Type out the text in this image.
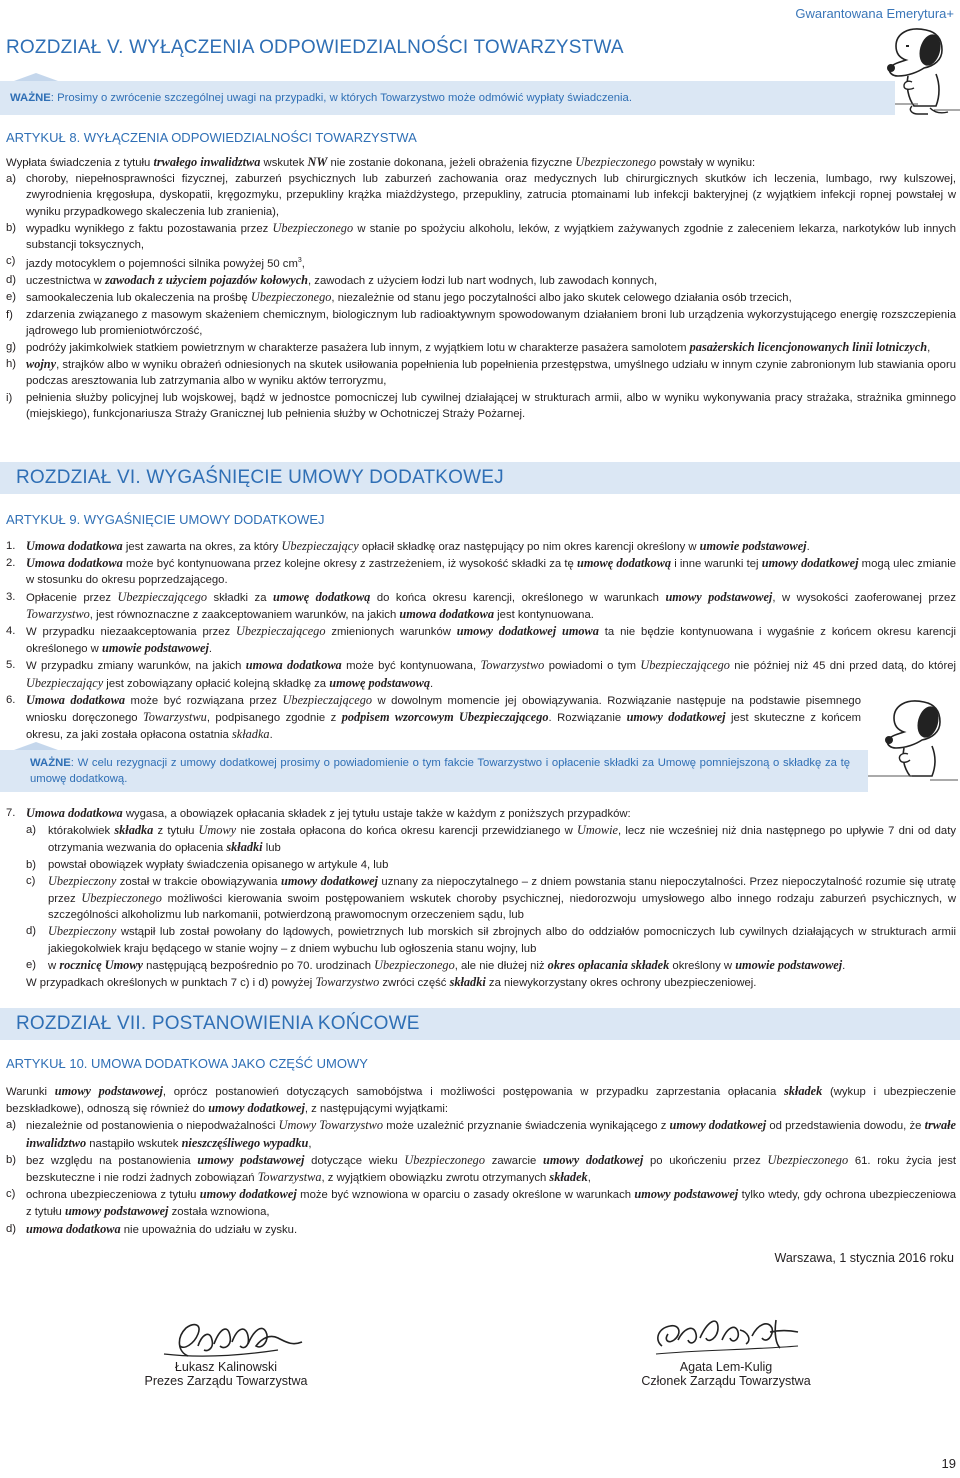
Gwarantowana Emerytura+
ROZDZIAŁ V. WYŁĄCZENIA ODPOWIEDZIALNOŚCI TOWARZYSTWA
WAŻNE: Prosimy o zwrócenie szczególnej uwagi na przypadki, w których Towarzystwo może odmówić wypłaty świadczenia.
ARTYKUŁ 8. WYŁĄCZENIA ODPOWIEDZIALNOŚCI TOWARZYSTWA

Wypłata świadczenia z tytułu trwałego inwalidztwa wskutek NW nie zostanie dokonana, jeżeli obrażenia fizyczne Ubezpieczonego powstały w wyniku:

a) choroby, niepełnosprawności fizycznej, zaburzeń psychicznych lub zaburzeń zachowania oraz medycznych lub chirurgicznych skutków ich leczenia, lumbago, rwy kulszowej, zwyrodnienia kręgosłupa, dyskopatii, kręgozmyku, przepukliny krążka miażdżystego, przepukliny, zatrucia ptomainami lub infekcji bakteryjnej (z wyjątkiem infekcji ropnej powstałej w wyniku przypadkowego skaleczenia lub zranienia),
b) wypadku wynikłego z faktu pozostawania przez Ubezpieczonego w stanie po spożyciu alkoholu, leków, z wyjątkiem zażywanych zgodnie z zaleceniem lekarza, narkotyków lub innych substancji toksycznych,
c) jazdy motocyklem o pojemności silnika powyżej 50 $cm^3$,
d) uczestnictwa w zawodach z użyciem pojazdów kołowych, zawodach z użyciem łodzi lub nart wodnych, lub zawodach konnych,
e) samookaleczenia lub okaleczenia na prośbę Ubezpieczonego, niezależnie od stanu jego poczytalności albo jako skutek celowego działania osób trzecich,
f)	zdarzenia związanego z masowym skażeniem chemicznym, biologicznym lub radioaktywnym spowodowanym działaniem broni lub urządzenia wykorzystującego energię rozszczepienia jądrowego lub promieniotwórczość,
g) podróży jakimkolwiek statkiem powietrznym w charakterze pasażera lub innym, z wyjątkiem lotu w charakterze pasażera samolotem pasażerskich licencjonowanych linii lotniczych,
h) wojny, strajków albo w wyniku obrażeń odniesionych na skutek usiłowania popełnienia lub popełnienia przestępstwa, umyślnego udziału w innym czynie zabronionym lub stawiania oporu podczas aresztowania lub zatrzymania albo w wyniku aktów terroryzmu,
i)	pełnienia służby policyjnej lub wojskowej, bądź w jednostce pomocniczej lub cywilnej działającej w strukturach armii, albo w wyniku wykonywania pracy strażaka, strażnika gminnego (miejskiego), funkcjonariusza Straży Granicznej lub pełnienia służby w Ochotniczej Straży Pożarnej.
ROZDZIAŁ VI. WYGAŚNIĘCIE UMOWY DODATKOWEJ
ARTYKUŁ 9. WYGAŚNIĘCIE UMOWY DODATKOWEJ
1. Umowa dodatkowa jest zawarta na okres, za który Ubezpieczający opłacił składkę oraz następujący po nim okres karencji określony w umowie podstawowej.
2. Umowa dodatkowa może być kontynuowana przez kolejne okresy z zastrzeżeniem, iż wysokość składki za tę umowę dodatkową i inne warunki tej umowy dodatkowej mogą ulec zmianie w stosunku do okresu poprzedzającego.
3. Opłacenie przez Ubezpieczającego składki za umowę dodatkową do końca okresu karencji, określonego w warunkach umowy podstawowej, w wysokości zaoferowanej przez Towarzystwo, jest równoznaczne z zaakceptowaniem warunków, na jakich umowa dodatkowa jest kontynuowana.
4. W przypadku niezaakceptowania przez Ubezpieczającego zmienionych warunków umowy dodatkowej umowa ta nie będzie kontynuowana i wygaśnie z końcem okresu karencji określonego w umowie podstawowej.
5. W przypadku zmiany warunków, na jakich umowa dodatkowa może być kontynuowana, Towarzystwo powiadomi o tym Ubezpieczającego nie później niż 45 dni przed datą, do której Ubezpieczający jest zobowiązany opłacić kolejną składkę za umowę podstawową.
6. Umowa dodatkowa może być rozwiązana przez Ubezpieczającego w dowolnym momencie jej obowiązywania. Rozwiązanie następuje na podstawie pisemnego wniosku doręczonego Towarzystwu, podpisanego zgodnie z podpisem wzorcowym Ubezpieczającego. Rozwiązanie umowy dodatkowej jest skuteczne z końcem okresu, za jaki została opłacona ostatnia składka.
WAŻNE: W celu rezygnacji z umowy dodatkowej prosimy o powiadomienie o tym fakcie Towarzystwo i opłacenie składki za Umowę pomniejszoną o składkę za tę umowę dodatkową.
7. Umowa dodatkowa wygasa, a obowiązek opłacania składek z jej tytułu ustaje także w każdym z poniższych przypadków:
a)	którakolwiek składka z tytułu Umowy nie została opłacona do końca okresu karencji przewidzianego w Umowie, lecz nie wcześniej niż dnia następnego po upływie 7 dni od daty otrzymania wezwania do opłacenia składki lub
b)	powstał obowiązek wypłaty świadczenia opisanego w artykule 4, lub
c)	Ubezpieczony został w trakcie obowiązywania umowy dodatkowej uznany za niepoczytalnego – z dniem powstania stanu niepoczytalności. Przez niepoczytalność rozumie się utratę przez Ubezpieczonego możliwości kierowania swoim postępowaniem wskutek choroby psychicznej, niedorozwoju umysłowego albo innego rodzaju zaburzeń psychicznych, w szczególności alkoholizmu lub narkomanii, potwierdzoną prawomocnym orzeczeniem sądu, lub
d) Ubezpieczony wstąpił lub został powołany do lądowych, powietrznych lub morskich sił zbrojnych albo do oddziałów pomocniczych lub cywilnych działających w strukturach armii jakiegokolwiek kraju będącego w stanie wojny – z dniem wybuchu lub ogłoszenia stanu wojny, lub
e)	w rocznicę Umowy następującą bezpośrednio po 70. urodzinach Ubezpieczonego, ale nie dłużej niż okres opłacania składek określony w umowie podstawowej.

W przypadkach określonych w punktach 7 c) i d) powyżej Towarzystwo zwróci część składki za niewykorzystany okres ochrony ubezpieczeniowej.

ROZDZIAŁ VII. POSTANOWIENIA KOŃCOWE
ARTYKUŁ 10. UMOWA DODATKOWA JAKO CZĘŚĆ UMOWY

Warunki umowy podstawowej, oprócz postanowień dotyczących samobójstwa i możliwości postępowania w przypadku zaprzestania opłacania składek (wykup i ubezpieczenie bezskładkowe), odnoszą się również do umowy dodatkowej, z następującymi wyjątkami:

a) niezależnie od postanowienia o niepodważalności Umowy Towarzystwo może uzależnić przyznanie świadczenia wynikającego z umowy dodatkowej od przedstawienia dowodu, że trwałe inwalidztwo nastąpiło wskutek nieszczęśliwego wypadku,
b) bez względu na postanowienia umowy podstawowej dotyczące wieku Ubezpieczonego zawarcie umowy dodatkowej po ukończeniu przez Ubezpieczonego 61. roku życia jest bezskuteczne i nie rodzi żadnych zobowiązań Towarzystwa, z wyjątkiem obowiązku zwrotu otrzymanych składek,
c) ochrona ubezpieczeniowa z tytułu umowy dodatkowej może być wznowiona w oparciu o zasady określone w warunkach umowy podstawowej tylko wtedy, gdy ochrona ubezpieczeniowa z tytułu umowy podstawowej została wznowiona,
d) umowa dodatkowa nie upoważnia do udziału w zysku.
Warszawa, 1 stycznia 2016 roku
Łukasz Kalinowski
Prezes Zarządu Towarzystwa
Agata Lem-Kulig
Członek Zarządu Towarzystwa
19
